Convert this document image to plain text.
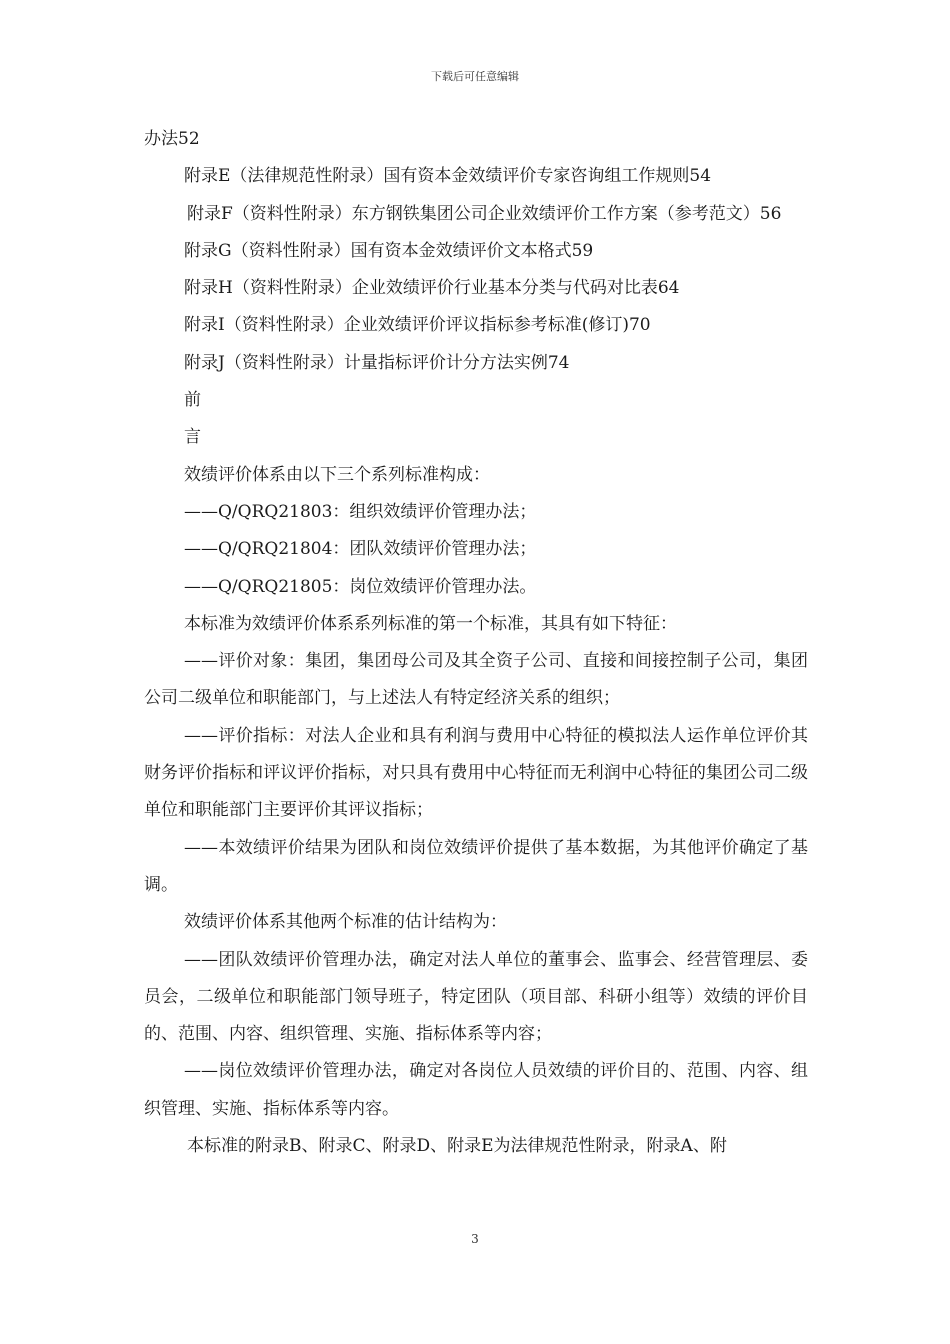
下载后可任意编辑

办法52

附录E（法律规范性附录）国有资本金效绩评价专家咨询组工作规则54

附录F（资料性附录）东方钢铁集团公司企业效绩评价工作方案（参考范文）56

附录G（资料性附录）国有资本金效绩评价文本格式59

附录H（资料性附录）企业效绩评价行业基本分类与代码对比表64

附录I（资料性附录）企业效绩评价评议指标参考标准(修订)70

附录J（资料性附录）计量指标评价计分方法实例74

前

言

效绩评价体系由以下三个系列标准构成：

——Q/QRQ21803：组织效绩评价管理办法；

——Q/QRQ21804：团队效绩评价管理办法；

——Q/QRQ21805：岗位效绩评价管理办法。

本标准为效绩评价体系系列标准的第一个标准，其具有如下特征：

——评价对象：集团，集团母公司及其全资子公司、直接和间接控制子公司，集团公司二级单位和职能部门，与上述法人有特定经济关系的组织；

——评价指标：对法人企业和具有利润与费用中心特征的模拟法人运作单位评价其财务评价指标和评议评价指标，对只具有费用中心特征而无利润中心特征的集团公司二级单位和职能部门主要评价其评议指标；

——本效绩评价结果为团队和岗位效绩评价提供了基本数据，为其他评价确定了基调。

效绩评价体系其他两个标准的估计结构为：

——团队效绩评价管理办法，确定对法人单位的董事会、监事会、经营管理层、委员会，二级单位和职能部门领导班子，特定团队（项目部、科研小组等）效绩的评价目的、范围、内容、组织管理、实施、指标体系等内容；

——岗位效绩评价管理办法，确定对各岗位人员效绩的评价目的、范围、内容、组织管理、实施、指标体系等内容。

本标准的附录B、附录C、附录D、附录E为法律规范性附录，附录A、附

3
